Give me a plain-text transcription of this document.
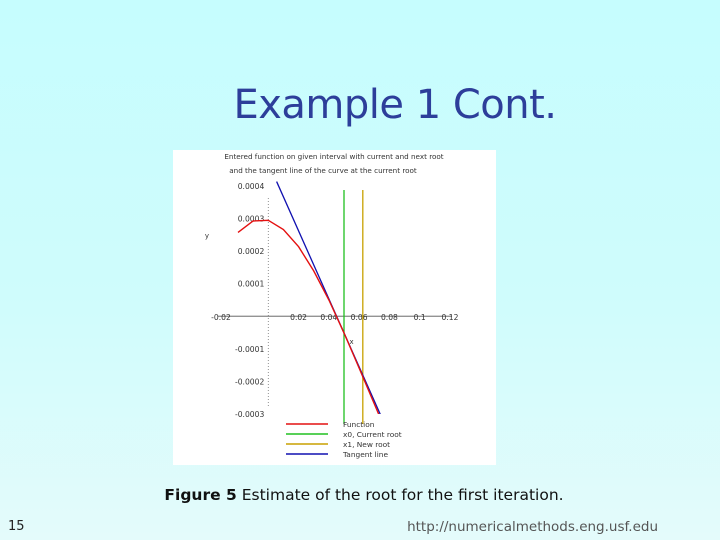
Example 1 Cont.
Entered function on given interval with current and next root
and the tangent line of the curve at the current root
-0.02	0.02 0.04 0.06 0.08 0.1 0.12
0.0004
0.0003
0.0002
0.0001
-0.0001
-0.0002
-0.0003
x
y
Function
x0, Current root
x1, New root
Tangent line
Figure 5 Estimate of the root for the first iteration.
15	http://numericalmethods.eng.usf.edu
